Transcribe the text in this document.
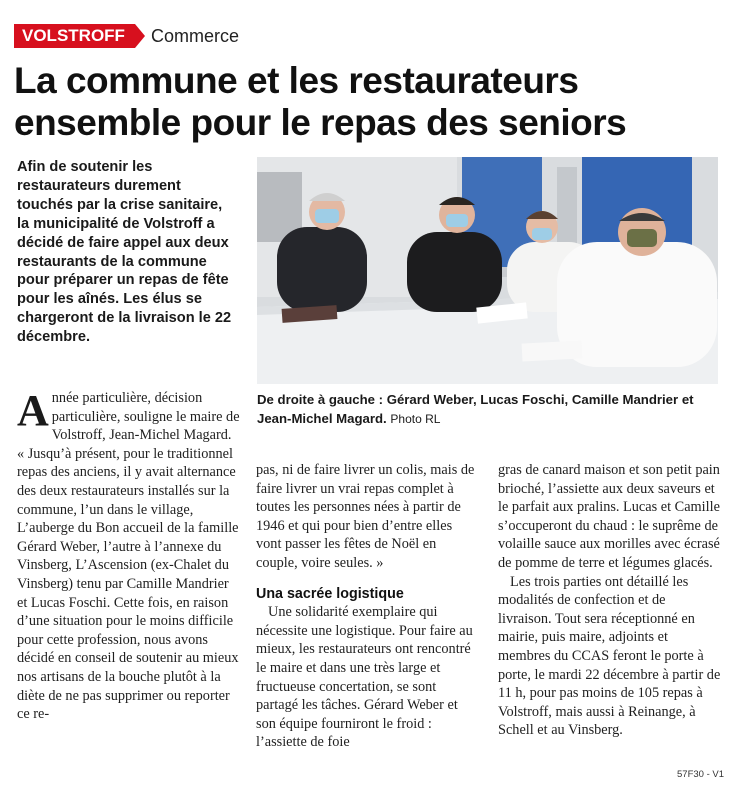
VOLSTROFF	Commerce
La commune et les restaurateurs ensemble pour le repas des seniors
Afin de soutenir les restaurateurs durement touchés par la crise sanitaire, la municipalité de Volstroff a décidé de faire appel aux deux restaurants de la commune pour préparer un repas de fête pour les aînés. Les élus se chargeront de la livraison le 22 décembre.
De droite à gauche : Gérard Weber, Lucas Foschi, Camille Mandrier et Jean-Michel Magard. Photo RL
A nnée particulière, décision particulière, souligne le maire de Volstroff, Jean-Michel Magard. « Jusqu’à présent, pour le traditionnel repas des anciens, il y avait alternance des deux restaurateurs installés sur la commune, l’un dans le village, L’auberge du Bon accueil de la famille Gérard Weber, l’autre à l’annexe du Vinsberg, L’Ascension (ex-Chalet du Vinsberg) tenu par Camille Mandrier et Lucas Foschi. Cette fois, en raison d’une situation pour le moins difficile pour cette profession, nous avons décidé en conseil de soutenir au mieux nos artisans de la bouche plutôt à la diète de ne pas supprimer ou reporter ce re-

pas, ni de faire livrer un colis, mais de faire livrer un vrai repas complet à toutes les personnes nées à partir de 1946 et qui pour bien d’entre elles vont passer les fêtes de Noël en couple, voire seules. »

Una sacrée logistique

Une solidarité exemplaire qui nécessite une logistique. Pour faire au mieux, les restaurateurs ont rencontré le maire et dans une très large et fructueuse concertation, se sont partagé les tâches. Gérard Weber et son équipe fourniront le froid : l’assiette de foie

gras de canard maison et son petit pain brioché, l’assiette aux deux saveurs et le parfait aux pralins. Lucas et Camille s’occuperont du chaud : le suprême de volaille sauce aux morilles avec écrasé de pomme de terre et légumes glacés.

Les trois parties ont détaillé les modalités de confection et de livraison. Tout sera réceptionné en mairie, puis maire, adjoints et membres du CCAS feront le porte à porte, le mardi 22 décembre à partir de 11 h, pour pas moins de 105 repas à Volstroff, mais aussi à Reinange, à Schell et au Vinsberg.

57F30 - V1
